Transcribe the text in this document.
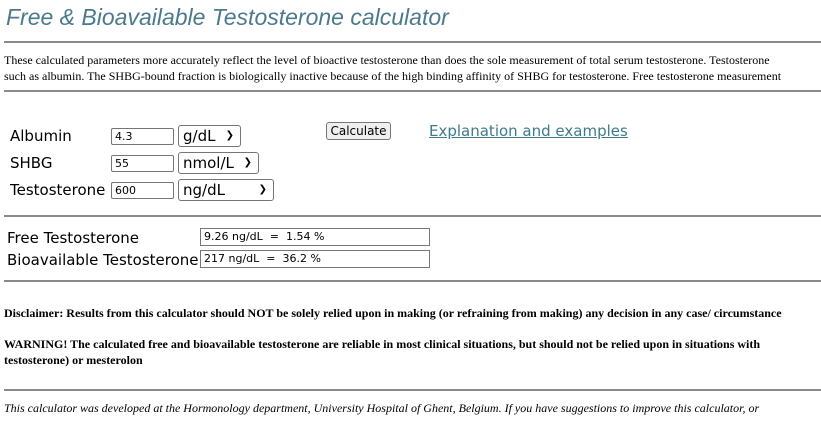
Free & Bioavailable Testosterone calculator
These calculated parameters more accurately reflect the level of bioactive testosterone than does the sole measurement of total serum testosterone. Testosterone
such as albumin. The SHBG-bound fraction is biologically inactive because of the high binding affinity of SHBG for testosterone. Free testosterone measurement
Albumin	4.3	g/dL ❯
SHBG	55	nmol/L ❯
Testosterone 600	ng/dL	❯
Calculate	Explanation and examples
Free Testosterone	9.26 ng/dL  =  1.54 %
Bioavailable Testosterone 217 ng/dL  =  36.2 %
Disclaimer: Results from this calculator should NOT be solely relied upon in making (or refraining from making) any decision in any case/ circumstance
WARNING! The calculated free and bioavailable testosterone are reliable in most clinical situations, but should not be relied upon in situations with
testosterone) or mesterolon
This calculator was developed at the Hormonology department, University Hospital of Ghent, Belgium. If you have suggestions to improve this calculator, or
